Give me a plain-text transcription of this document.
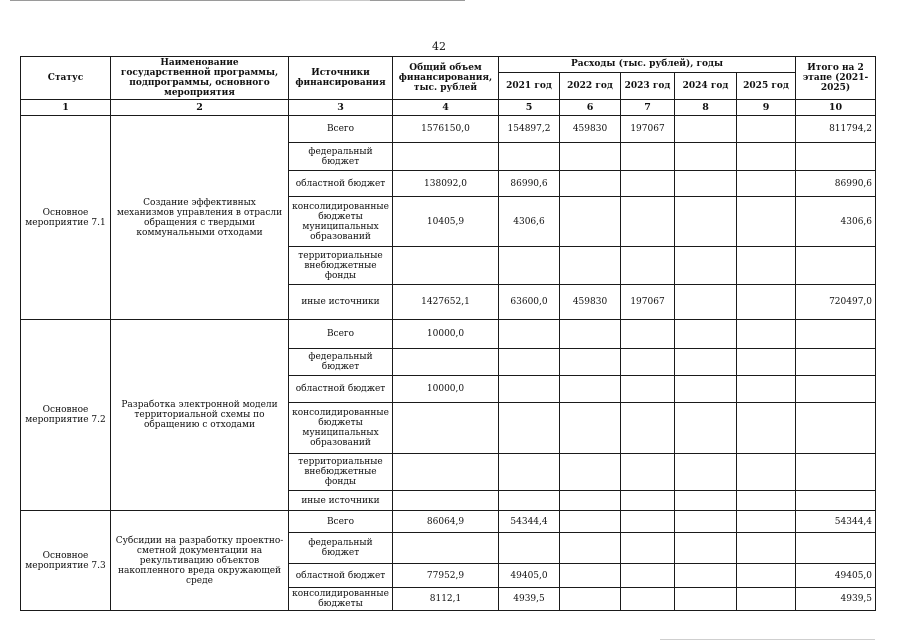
42
Статус	Наименование государственной программы, подпрограммы, основного мероприятия	Источники финансирования	Общий объем финансирования, тыс. рублей	Расходы (тыс. рублей), годы					Итого на 2 этапе (2021-2025)
				2021 год	2022 год	2023 год	2024 год	2025 год	
1	2	3	4	5	6	7	8	9	10
Основное мероприятие 7.1	Создание эффективных механизмов управления в отрасли обращения с твердыми коммунальными отходами	Всего	1576150,0	154897,2	459830	197067			811794,2
		федеральный бюджет							
		областной бюджет	138092,0	86990,6					86990,6
		консолидированные бюджеты муниципальных образований	10405,9	4306,6					4306,6
		территориальные внебюджетные фонды							
		иные источники	1427652,1	63600,0	459830	197067			720497,0
Основное мероприятие 7.2	Разработка электронной модели территориальной схемы по обращению с отходами	Всего	10000,0						
		федеральный бюджет							
		областной бюджет	10000,0						
		консолидированные бюджеты муниципальных образований							
		территориальные внебюджетные фонды							
		иные источники							
Основное мероприятие 7.3	Субсидии на разработку проектно-сметной документации на рекультивацию объектов накопленного вреда окружающей среде	Всего	86064,9	54344,4					54344,4
		федеральный бюджет							
		областной бюджет	77952,9	49405,0					49405,0
		консолидированные бюджеты	8112,1	4939,5					4939,5
